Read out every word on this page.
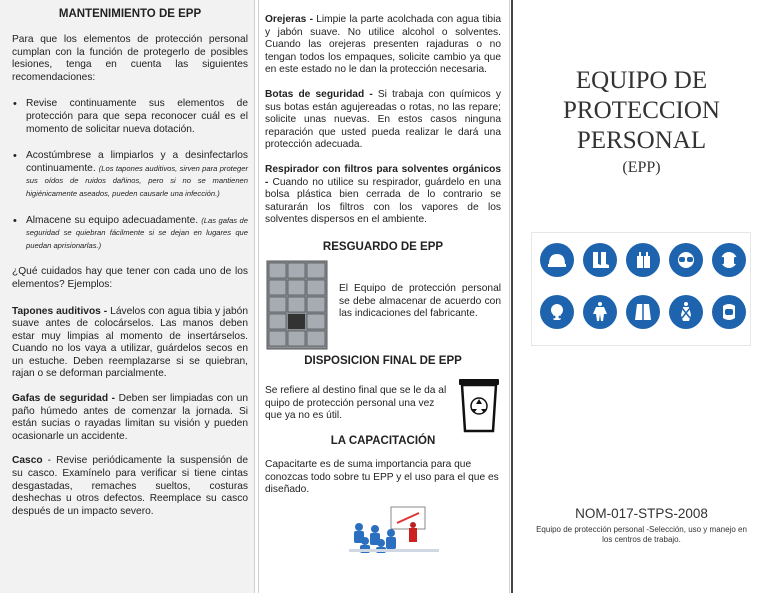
MANTENIMIENTO DE EPP

Para que los elementos de protección personal cumplan con la función de protegerlo de posibles lesiones, tenga en cuenta las siguientes recomendaciones:

• Revise continuamente sus elementos de protección para que sepa reconocer cuál es el momento de solicitar nueva dotación.
• Acostúmbrese a limpiarlos y a desinfectarlos continuamente. (Los tapones auditivos, sirven para proteger sus oídos de ruidos dañinos, pero si no se mantienen higiénicamente aseados, pueden causarle una infección.)
• Almacene su equipo adecuadamente. (Las gafas de seguridad se quiebran fácilmente si se dejan en lugares que puedan aprisionarlas.)

¿Qué cuidados hay que tener con cada uno de los elementos? Ejemplos:

Tapones auditivos - Lávelos con agua tibia y jabón suave antes de colocárselos. Las manos deben estar muy limpias al momento de insertárselos. Cuando no los vaya a utilizar, guárdelos secos en un estuche. Deben reemplazarse si se quiebran, rajan o se deforman parcialmente.

Gafas de seguridad - Deben ser limpiadas con un paño húmedo antes de comenzar la jornada. Si están sucias o rayadas limitan su visión y pueden ocasionarle un accidente.

Casco - Revise periódicamente la suspensión de su casco. Examínelo para verificar si tiene cintas desgastadas, remaches sueltos, costuras deshechas u otros defectos. Reemplace su casco después de un impacto severo.

Orejeras - Limpie la parte acolchada con agua tibia y jabón suave. No utilice alcohol o solventes. Cuando las orejeras presenten rajaduras o no tengan todos los empaques, solicite cambio ya que en este estado no le dan la protección necesaria.

Botas de seguridad - Si trabaja con químicos y sus botas están agujereadas o rotas, no las repare; solicite unas nuevas. En estos casos ninguna reparación que usted pueda realizar le dará una protección adecuada.

Respirador con filtros para solventes orgánicos - Cuando no utilice su respirador, guárdelo en una bolsa plástica bien cerrada de lo contrario se saturarán los filtros con los vapores de los solventes dispersos en el ambiente.

RESGUARDO DE EPP

El Equipo de protección personal se debe almacenar de acuerdo con las indicaciones del fabricante.

DISPOSICION FINAL DE EPP

Se refiere al destino final que se le da al quipo de protección personal una vez que ya no es útil.

LA CAPACITACIÓN

Capacitarte es de suma importancia para que conozcas todo sobre tu EPP y el uso para el que es diseñado.

EQUIPO DE
PROTECCION
PERSONAL
(EPP)
NOM-017-STPS-2008
Equipo de protección personal -Selección, uso y manejo en los centros de trabajo.
